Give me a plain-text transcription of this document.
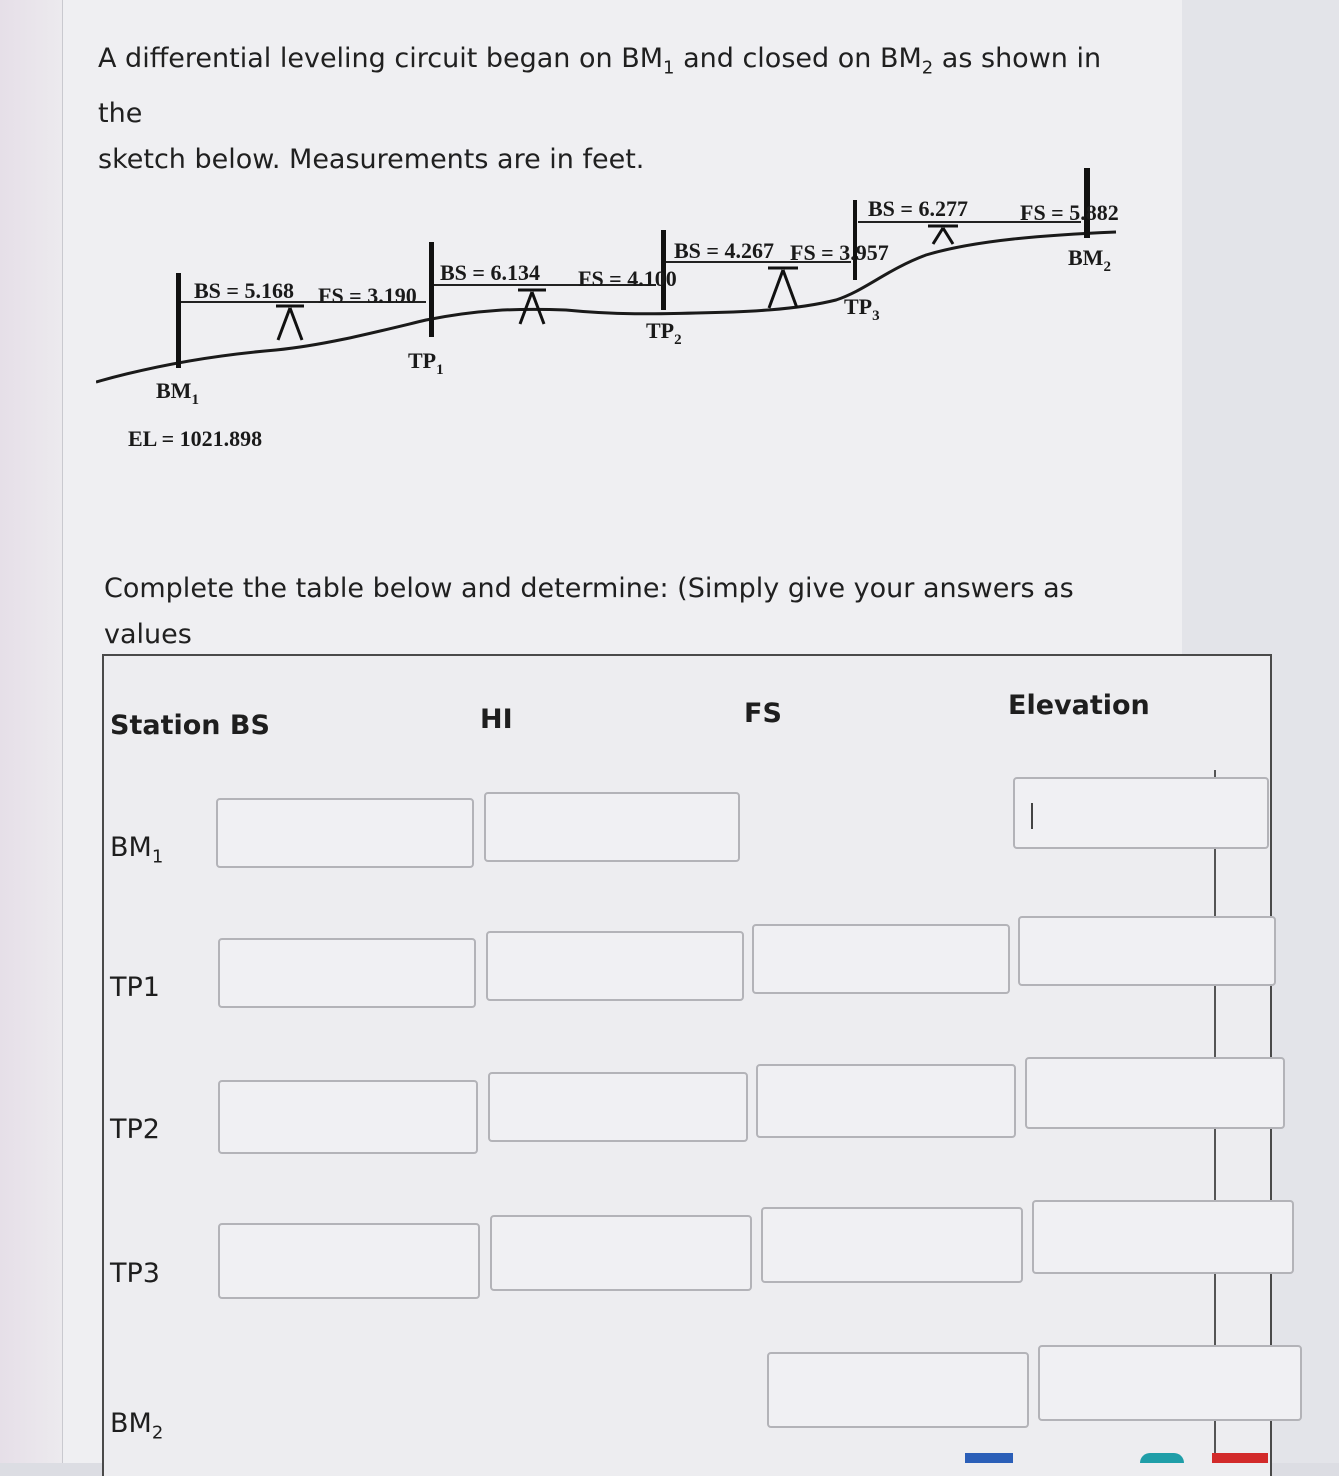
A differential leveling circuit began on $BM_1$ and closed on $BM_2$ as shown in the
sketch below. Measurements are in feet.
BS = 5.168 FS = 3.190
BS = 6.134 FS = 4.100
BS = 4.267 FS = 3.957
BS = 6.277 FS = 5.882
$BM_1$
EL = 1021.898
$TP_1$
$TP_2$
$TP_3$
$BM_2$
Complete the table below and determine: (Simply give your answers as values
Station BS	HI	FS	Elevation
$BM_1$
TP1
TP2
TP3
$BM_2$
